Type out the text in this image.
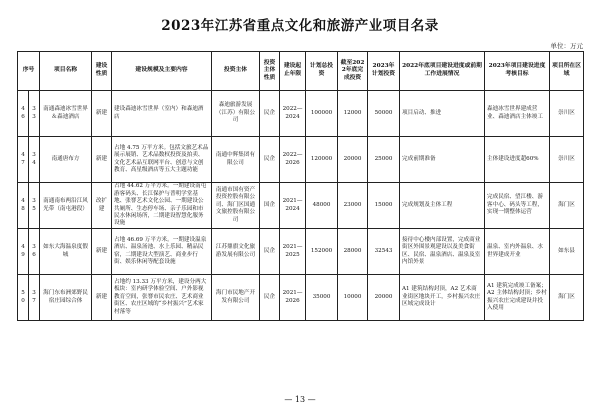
2023年江苏省重点文化和旅游产业项目名录
单位：万元
序号		项目名称	建设性质	建设规模及主要内容	投资主体	投资主体性质	建设起止年限	计划总投资	截至2022年底完成投资	2023年计划投资	2022年底项目建设进度或前期工作进展情况	2023年项目建设进度考核目标	项目所在区域
46	33	南通森迪冰雪世界＆森迪酒店	新建	建设森迪冰雪世界（室内）和森迪酒店	森迪旅游发展（江苏）有限公司	民企	2022—2024	100000	12000	50000	项目启动、推进	森迪冰雪世界建成营业、森迪酒店主体竣工	崇川区
47	34	南通唐布方	新建	占地 4.75 万平方米。包括文旅艺术品展示展销、艺术品数权投资及拍卖、文化艺术品互联网平台、创意与文创教育、高星级酒店等五大主题功能	南通中辉集团有限公司	民企	2022—2026	120000	20000	25000	完成前期准备	主体建设进度超60%	崇川区
48	35	南通南布两沿江风光带（南屯港段）	改扩建	占地 44.62 万平方米。一期建设南屯游客码头、长江保护与普明学堂基地、张謇艺术文化公园、一期建设公共厕所、生态停车场、亲子乐园和市民水休闲场所，二期建设智慧化服务设施	南通市国有资产投资控股有限公司、海门区国通文旅控股有限公司	国企	2021—2024	48000	23000	15000	完成规划及主体工程	完成民宿、望江楼、游客中心、码头等工程，实现一期整体运营	海门区
49	36	如东大海温泉度假城	新建	占地 46.69 万平方米。一期建设温泉酒店、温泉汤池、水上乐园、精品民宿，二期建设大型演艺、商业步行街、娱乐休闲等配套设施	江苏鼎旗文化旅游发展有限公司	民企	2021—2025	152000	28000	32543	接待中心楼内部设置，完成商业街区外围景观建设以及美食街区、民宿、温泉酒店、温泉及室内馆外景	温泉、室内外温泉、水世界建成开业	如东县
50	37	海门东布洲郊野民宿庄园综合体	新建	占地约 13.33 万平方米，建设分两大板块：室内研学体验空间、户外影视教育空间，张謇市民农庄、艺术商业街区、农庄区域的“乡村振兴”艺术家村落等	海门市民地产开发有限公司	民企	2021—2026	35000	10000	20000	A1 建筑结构封顶，A2 艺术商业街区地块开工，乡村振兴农庄区域完成设计	A1 建筑完成竣工备案；A2 主体结构封顶；乡村振兴农庄完成建设并投入使用	海门区
— 13 —
